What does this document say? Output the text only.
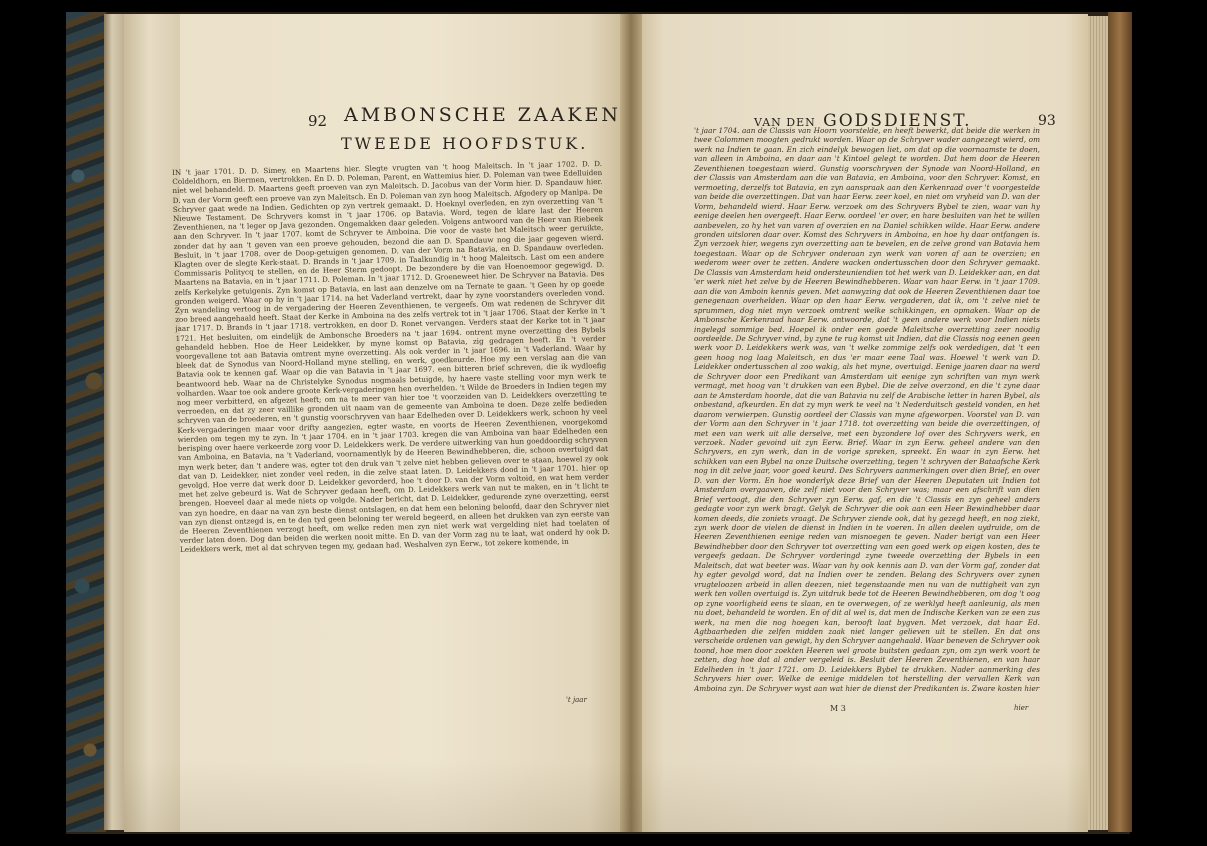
92 AMBONSCHE ZAAKEN
TWEEDE HOOFDSTUK.
IN 't jaar 1701. D. D. Simey, en Maartens hier. Slegte vrugten van 't hoog Maleitsch. In 't jaar 1702. D. D. Coldeldhorn, en Biermen, vertrokken. En D. D. Poleman, Parent, en Wattemius hier. D. Poleman van twee Edelluiden niet wel behandeld. D. Maartens geeft proeven van zyn Maleitsch. D. Jacobus van der Vorm hier. D. Spandauw hier. D. van der Vorm geeft een proeve van zyn Maleitsch. En D. Poleman van zyn hoog Maleitsch. Afgodery op Manipa. De Schryver gaat wede na Indien. Gedichten op zyn vertrek gemaakt. D. Hoeknyl overleden, en zyn overzetting van 't Nieuwe Testament. De Schryvers komst in 't jaar 1706. op Batavia. Word, tegen de klare last der Heeren Zeventhienen, na 't leger op Java gezonden. Ongemakken daar geleden. Volgens antwoord van de Heer van Riebeek aan den Schryver. In 't jaar 1707. komt de Schryver te Amboina. Die voor de vaste het Maleitsch weer geruikte, zonder dat hy aan 't geven van een proeve gehouden, bezond die aan D. Spandauw nog die jaar gegeven wierd. Besluit, in 't jaar 1708. over de Doop-getuigen genomen. D. van der Vorm na Batavia, en D. Spandauw overleden. Klagten over de slegte Kerk-staat. D. Brands in 't jaar 1709. in Taalkundig in 't hoog Maleitsch. Last om een andere Commissaris Politycq te stellen, en de Heer Sterm gedoopt. De bezondere by die van Hoenoemoor gegewigd. D. Maartens na Batavia, en in 't jaar 1711. D. Poleman. In 't jaar 1712. D. Groeneweet hier. De Schryver na Batavia. Des zelfs Kerkelyke getuigenis. Zyn komst op Batavia, en last aan denzelve om na Ternate te gaan. 't Geen hy op goede gronden weigerd. Waar op hy in 't jaar 1714. na het Vaderland vertrekt, daar hy zyne voorstanders overleden vond. Zyn wandeling vertoog in de vergadering der Heeren Zeventhienen, te vergeefs. Om wat redenen de Schryver dit zoo breed aangehaald heeft. Staat der Kerke in Amboina na des zelfs vertrek tot in 't jaar 1706. Staat der Kerke in 't jaar 1717. D. Brands in 't jaar 1718. vertrokken, en door D. Ronet vervangen. Verders staat der Kerke tot in 't jaar 1721. Het besluiten, om eindelijk de Ambonsche Broeders na 't jaar 1694. ontrent myne overzetting des Bybels gehandeld hebben. Hoe de Heer Leidekker, by myne komst op Batavia, zig gedragen heeft. En 't verder voorgevallene tot aan Batavia omtrent myne overzetting. Als ook verder in 't jaar 1696. in 't Vaderland. Waar hy bleek dat de Synodus van Noord-Holland myne stelling, en werk, goedkeurde. Hoe my een verslag aan die van Batavia ook te kennen gaf. Waar op die van Batavia in 't jaar 1697. een bitteren brief schreven, die ik wydloefig beantwoord heb. Waar na de Christelyke Synodus nogmaals betuigde, hy haere vaste stelling voor myn werk te volharden. Waar toe ook andere groote Kerk-vergaderingen hen overhelden. 't Wilde de Broeders in Indien tegen my nog meer verbitterd, en afgezet heeft; om na te meer van hier toe 't voorzeiden van D. Leidekkers overzetting te verroeden, en dat zy zeer vaillike gronden uit naam van de gemeente van Amboina te doen. Deze zelfe bedieden schryven van de broederen, en 't gunstig voorschryven van haar Edelheden over D. Leidekkers werk, schoon hy veel Kerk-vergaderingen maar voor drifty aangezien, egter waste, en voorts de Heeren Zeventhienen, voorgekomd wierden om tegen my te zyn. In 't jaar 1704. en in 't jaar 1703. kregen die van Amboina van haar Edelheden een berisping over haere verkeerde zorg voor D. Leidekkers werk. De verdere uitwerking van hun goeddoordig schryven van Amboina, en Batavia, na 't Vaderland, voornamentlyk by de Heeren Bewindhebberen, die, schoon overtuigd dat myn werk beter, dan 't andere was, egter tot den druk van 't zelve niet hebben gelieven over te staan, hoewel zy ook dat van D. Leidekker, niet zonder veel reden, in die zelve staat laten. D. Leidekkers dood in 't jaar 1701. hier op gevolgd. Hoe verre dat werk door D. Leidekker gevorderd, hoe 't door D. van der Vorm voltoid, en wat hem verder met het zelve gebeurd is. Wat de Schryver gedaan heeft, om D. Leidekkers werk van nut te maken, en in 't licht te brengen. Hoeveel daar al mede niets op volgde. Nader bericht, dat D. Leidekker, gedurende zyne overzetting, eerst van zyn hoedre, en daar na van zyn beste dienst ontslagen, en dat hem een beloning beloofd, daar den Schryver niet van zyn dienst ontzegd is, en te den tyd geen beloning ter wereld begeerd, en alleen het drukken van zyn eerste van de Heeren Zeventhienen verzogt heeft, om welke reden men zyn niet werk wat vergelding niet had toelaten of verder laten doen. Dog dan beiden die werken nooit mitte. En D. van der Vorm zag nu te laat, wat onderd hy ook D. Leidekkers werk, met al dat schryven tegen my, gedaan had. Weshalven zyn Eerw., tot zekere komende, in
't jaar
VAN DEN GODSDIENST.	93
't jaar 1704. aan de Classis van Hoorn voorstelde, en heeft bewerkt, dat beide die werken in twee Colommen moogten gedrukt worden. Waar op de Schryver wader aangezegt wierd, om werk na Indien te gaan. En zich eindelyk bewogen liet, om dat op die voornaamste te doen, van alleen in Amboina, en daar aan 't Kintoel gelegt te worden. Dat hem door de Heeren Zeventhienen toegestaan wierd. Gunstig voorschryven der Synode van Noord-Holland, en der Classis van Amsterdam aan die van Batavia, en Amboina, voor den Schryver. Komst, en vermoeting, derzelfs tot Batavia, en zyn aanspraak aan den Kerkenraad over 't voorgestelde van beide die overzettingen. Dat van haar Eerw. zeer koel, en niet om vryheid van D. van der Vorm, behandeld wierd. Haar Eerw. verzoek om des Schryvers Bybel te zien, waar van hy eenige deelen hen overgeeft. Haar Eerw. oordeel 'er over, en hare besluiten van het te willen aanbevelen, zo hy het van varen af overzien en na Daniel schikken wilde. Haar Eerw. andere gronden uitsloren daar over. Komst des Schryvers in Amboina, en hoe hy daar ontfangen is. Zyn verzoek hier, wegens zyn overzetting aan te bevelen, en de zelve grond van Batavia hem toegestaan. Waar op de Schryver onderaan zyn werk van voren af aan te overzien; en wederom weer over te zetten. Andere wacken ondertusschen door den Schryver gemaakt. De Classis van Amsterdam heid ondersteuniendien tot het werk van D. Leidekker aan, en dat 'er werk niet het zelve by de Heeren Bewindhebberen. Waar van haar Eerw. in 't jaar 1709. aan die van Amboin kennis geven. Met aanwyzing dat ook de Heeren Zeventhienen daar toe genegenaan overhelden. Waar op den haar Eerw. vergaderen, dat ik, om 't zelve niet te sprummen, dog niet myn verzoek omtrent welke schikkingen, en opmaken. Waar op de Ambonsche Kerkenraad haar Eerw. antwoorde, dat 't geen andere werk voor Indien niets ingelegd sommige bed. Hoepel ik onder een goede Maleitsche overzetting zeer noodig oordeelde. De Schryver vind, by zyne te rug komst uit Indien, dat die Classis nog eenen geen werk voor D. Leidekkers werk was, van 't welke zommige zelfs ook verdedigen, dat 't een geen hoog nog laag Maleitsch, en dus 'er maar eene Taal was. Hoewel 't werk van D. Leidekker ondertusschen al zoo wakig, als het myne, overtuigd. Eenige jaaren daar na werd de Schryver door een Predikant van Amsterdam uit eenige zyn schriften van myn werk vermagt, met hoog van 't drukken van een Bybel. Die de zelve overzond, en die 't zyne daar aan te Amsterdam hoorde, dat die van Batavia nu zelf de Arabische letter in haren Bybel, als onbestand, afkeurden. En dat zy myn werk te veel na 't Nederduitsch gesteld vonden, en het daarom verwierpen. Gunstig oordeel der Classis van myne afgeworpen. Voorstel van D. van der Vorm aan den Schryver in 't jaar 1718. tot overzetting van beide die overzettingen, of met een van werk uit alle derselve, met een byzondere lof over des Schryvers werk, en verzoek. Nader gevoind uit zyn Eerw. Brief. Waar in zyn Eerw. geheel andere van den Schryvers, en zyn werk, dan in de vorige spreken, spreekt. En waar in zyn Eerw. het schikken van een Bybel na onze Duitsche overzetting, tegen 't schryven der Bataafsche Kerk nog in dit zelve jaar, voor goed keurd. Des Schryvers aanmerkingen over dien Brief, en over D. van der Vorm. En hoe wonderlyk deze Brief van der Heeren Deputaten uit Indien tot Amsterdam overgaaven, die zelf niet voor den Schryver was; maar een afschrift van dien Brief vertoogt, die den Schryver zyn Eerw. gaf, en die 't Classis en zyn geheel anders gedagte voor zyn werk bragt. Gelyk de Schryver die ook aan een Heer Bewindhebber daar komen deeds, die zoniets vraagt. De Schryver ziende ook, dat hy gezegd heeft, en nog ziekt, zyn werk door de vielen de dienst in Indien in te voeren. In allen deelen uydruide, om de Heeren Zeventhienen eenige reden van misnoegen te geven. Nader berigt van een Heer Bewindhebber door den Schryver tot overzetting van een goed werk op eigen kosten, des te vergeefs gedaan. De Schryver vorderingd zyne tweede overzetting der Bybels in een Maleitsch, dat wat beeter was. Waar van hy ook kennis aan D. van der Vorm gaf, zonder dat hy egter gevolgd word, dat na Indien over te zenden. Belang des Schryvers over zynen vrugteloozen arbeid in allen deezen, niet tegenstaande men nu van de nuttigheit van zyn werk ten vollen overtuigd is. Zyn uitdruk bede tot de Heeren Bewindhebberen, om dog 't oog op zyne voorligheid eens te slaan, en te overwegen, of ze werklyd heeft aanleunig, als men nu doet, behandeld te worden. En of dit al wel is, dat men de Indische Kerken van ze een zus werk, na men die nog hoegen kan, berooft laat bygven. Met verzoek, dat haar Ed. Agtbaarheden die zelfen midden zaak niet langer gelieven uit te stellen. En dat ons verscheide ordenen van gewigt, hy den Schryver aangehaald. Waar beneven de Schryver ook toond, hoe men door zoekten Heeren wel groote buitsten gedaan zyn, om zyn werk voort te zetten, dog hoe dat al ander vergeleid is. Besluit der Heeren Zeventhienen, en van haar Edelheden in 't jaar 1721. om D. Leidekkers Bybel te drukken. Nader aanmerking des Schryvers hier over. Welke de eenige middelen tot herstelling der vervallen Kerk van Amboina zyn. De Schryver wyst aan wat hier de dienst der Predikanten is. Zware kosten hier
M 3	hier
